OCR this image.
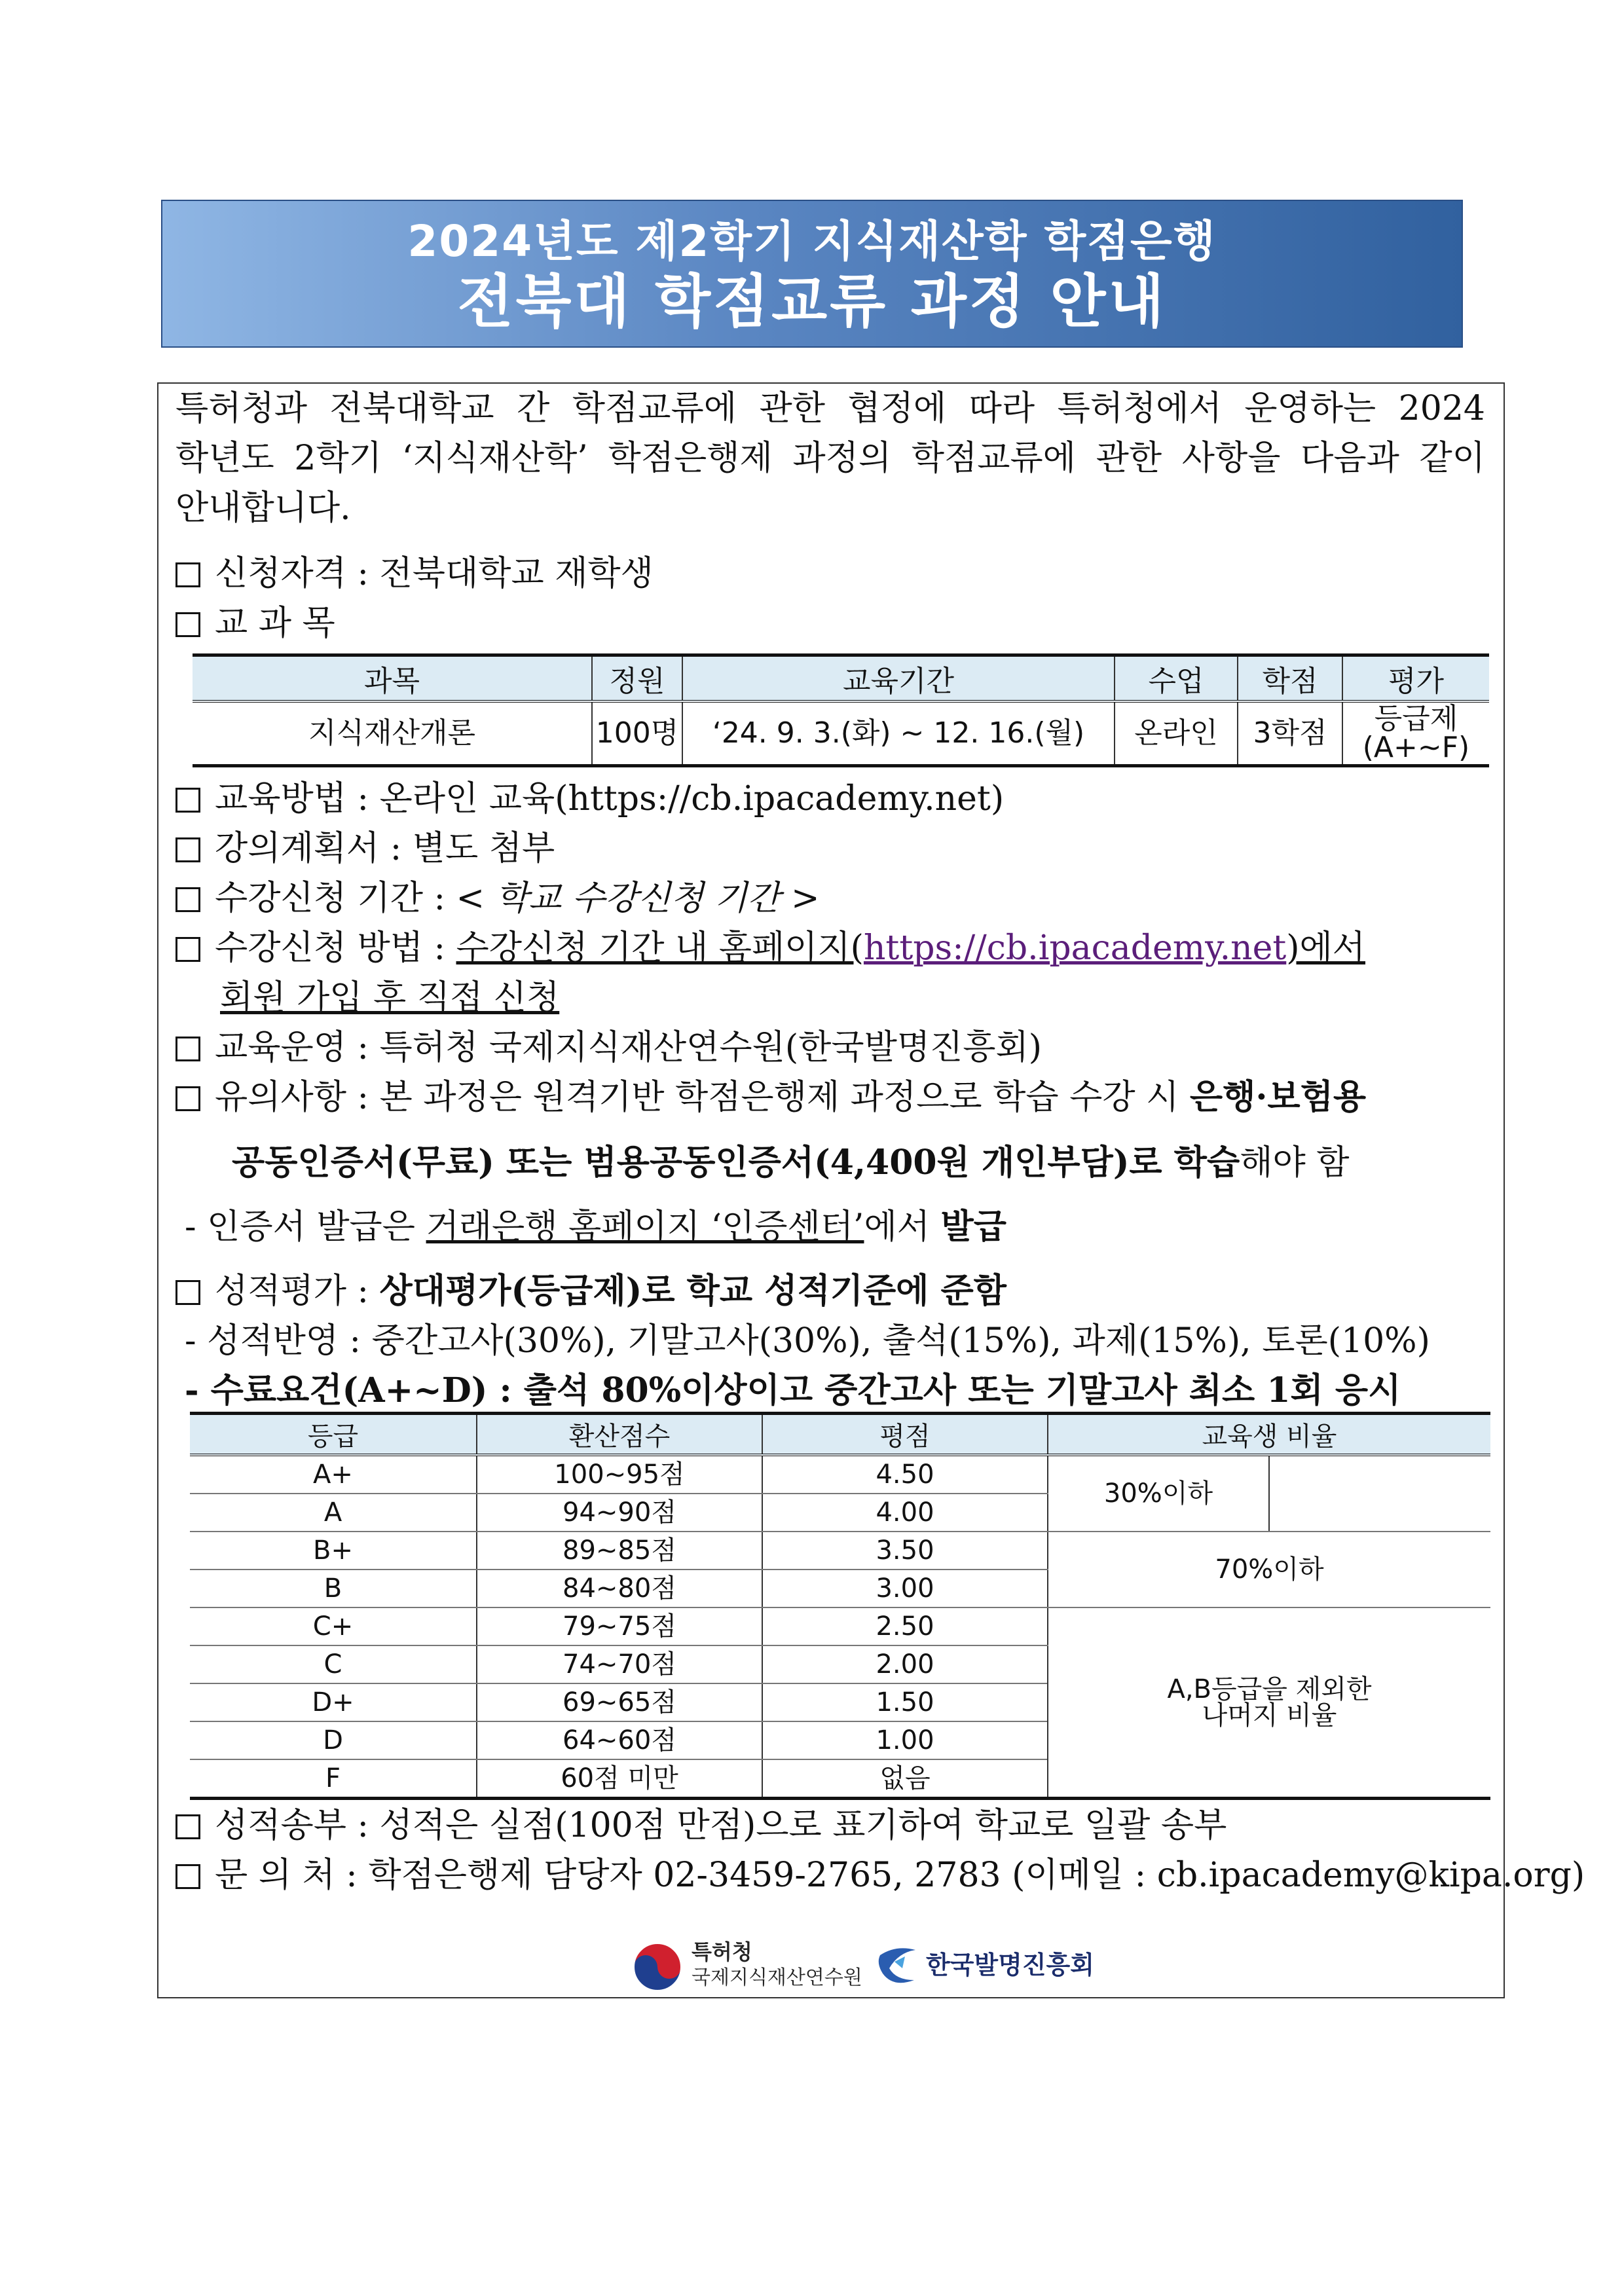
2024년도 제2학기 지식재산학 학점은행
전북대 학점교류 과정 안내
특허청과 전북대학교 간 학점교류에 관한 협정에 따라 특허청에서 운영하는 2024
학년도 2학기 ‘지식재산학’ 학점은행제 과정의 학점교류에 관한 사항을 다음과 같이
안내합니다.
신청자격 : 전북대학교 재학생
교 과 목
과목	정원	교육기간	수업	학점	평가
지식재산개론	100명	‘24. 9. 3.(화) ∼ 12. 16.(월)	온라인	3학점	등급제
(A+∼F)
교육방법 : 온라인 교육(https://cb.ipacademy.net)
강의계획서 : 별도 첨부
수강신청 기간 : < 학교 수강신청 기간 >
수강신청 방법 : 수강신청 기간 내 홈페이지(https://cb.ipacademy.net)에서
회원 가입 후 직접 신청
교육운영 : 특허청 국제지식재산연수원(한국발명진흥회)
유의사항 : 본 과정은 원격기반 학점은행제 과정으로 학습 수강 시 은행·보험용
공동인증서(무료) 또는 범용공동인증서(4,400원 개인부담)로 학습해야 함
- 인증서 발급은 거래은행 홈페이지 ‘인증센터’에서 발급
성적평가 : 상대평가(등급제)로 학교 성적기준에 준함
- 성적반영 : 중간고사(30%), 기말고사(30%), 출석(15%), 과제(15%), 토론(10%)
- 수료요건(A+~D) : 출석 80%이상이고 중간고사 또는 기말고사 최소 1회 응시
등급	환산점수	평점	교육생 비율	
A+	100~95점	4.50	30%이하	
A	94~90점	4.00		
B+	89~85점	3.50	70%이하	
B	84~80점	3.00		
C+	79~75점	2.50	A,B등급을 제외한
나머지 비율	
C	74~70점	2.00		
D+	69~65점	1.50		
D	64~60점	1.00		
F	60점 미만	없음		
성적송부 : 성적은 실점(100점 만점)으로 표기하여 학교로 일괄 송부
문 의 처 : 학점은행제 담당자 02-3459-2765, 2783 (이메일 : cb.ipacademy@kipa.org)
특허청
국제지식재산연수원	한국발명진흥회
